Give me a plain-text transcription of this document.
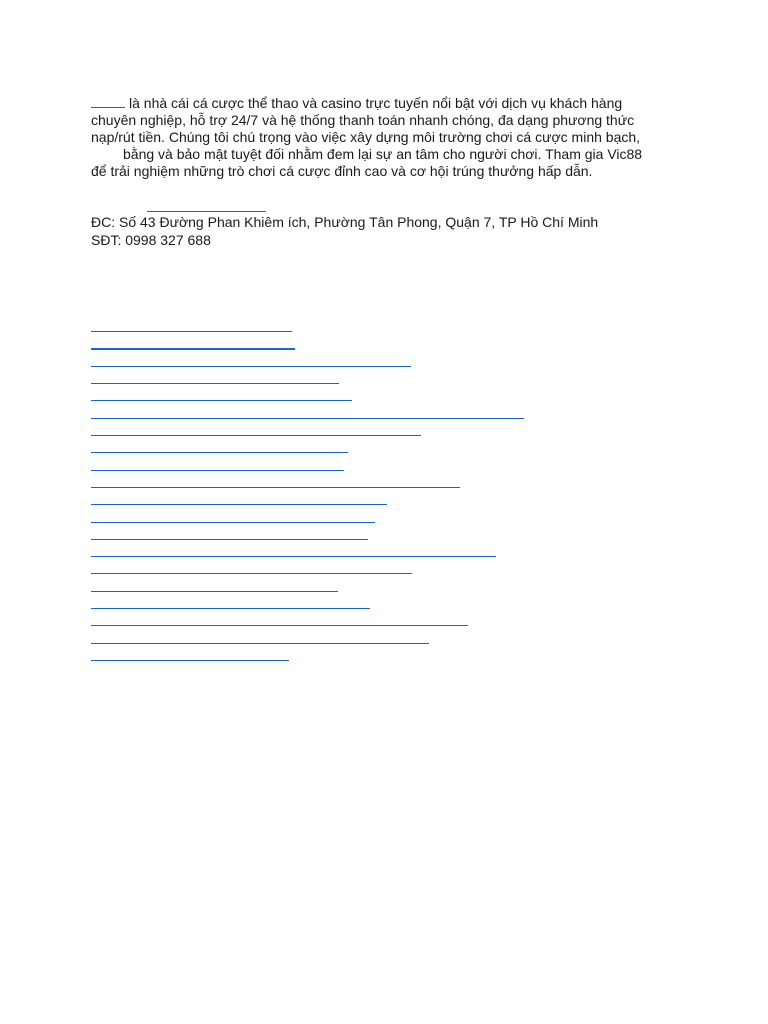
là nhà cái cá cược thể thao và casino trực tuyến nổi bật với dịch vụ khách hàng
chuyên nghiệp, hỗ trợ 24/7 và hệ thống thanh toán nhanh chóng, đa dạng phương thức
nạp/rút tiền. Chúng tôi chú trọng vào việc xây dựng môi trường chơi cá cược minh bạch,
bằng và bảo mật tuyệt đối nhằm đem lại sự an tâm cho người chơi. Tham gia Vic88
để trải nghiệm những trò chơi cá cược đỉnh cao và cơ hội trúng thưởng hấp dẫn.

ĐC: Số 43 Đường Phan Khiêm ích, Phường Tân Phong, Quận 7, TP Hồ Chí Minh
SĐT: 0998 327 688
